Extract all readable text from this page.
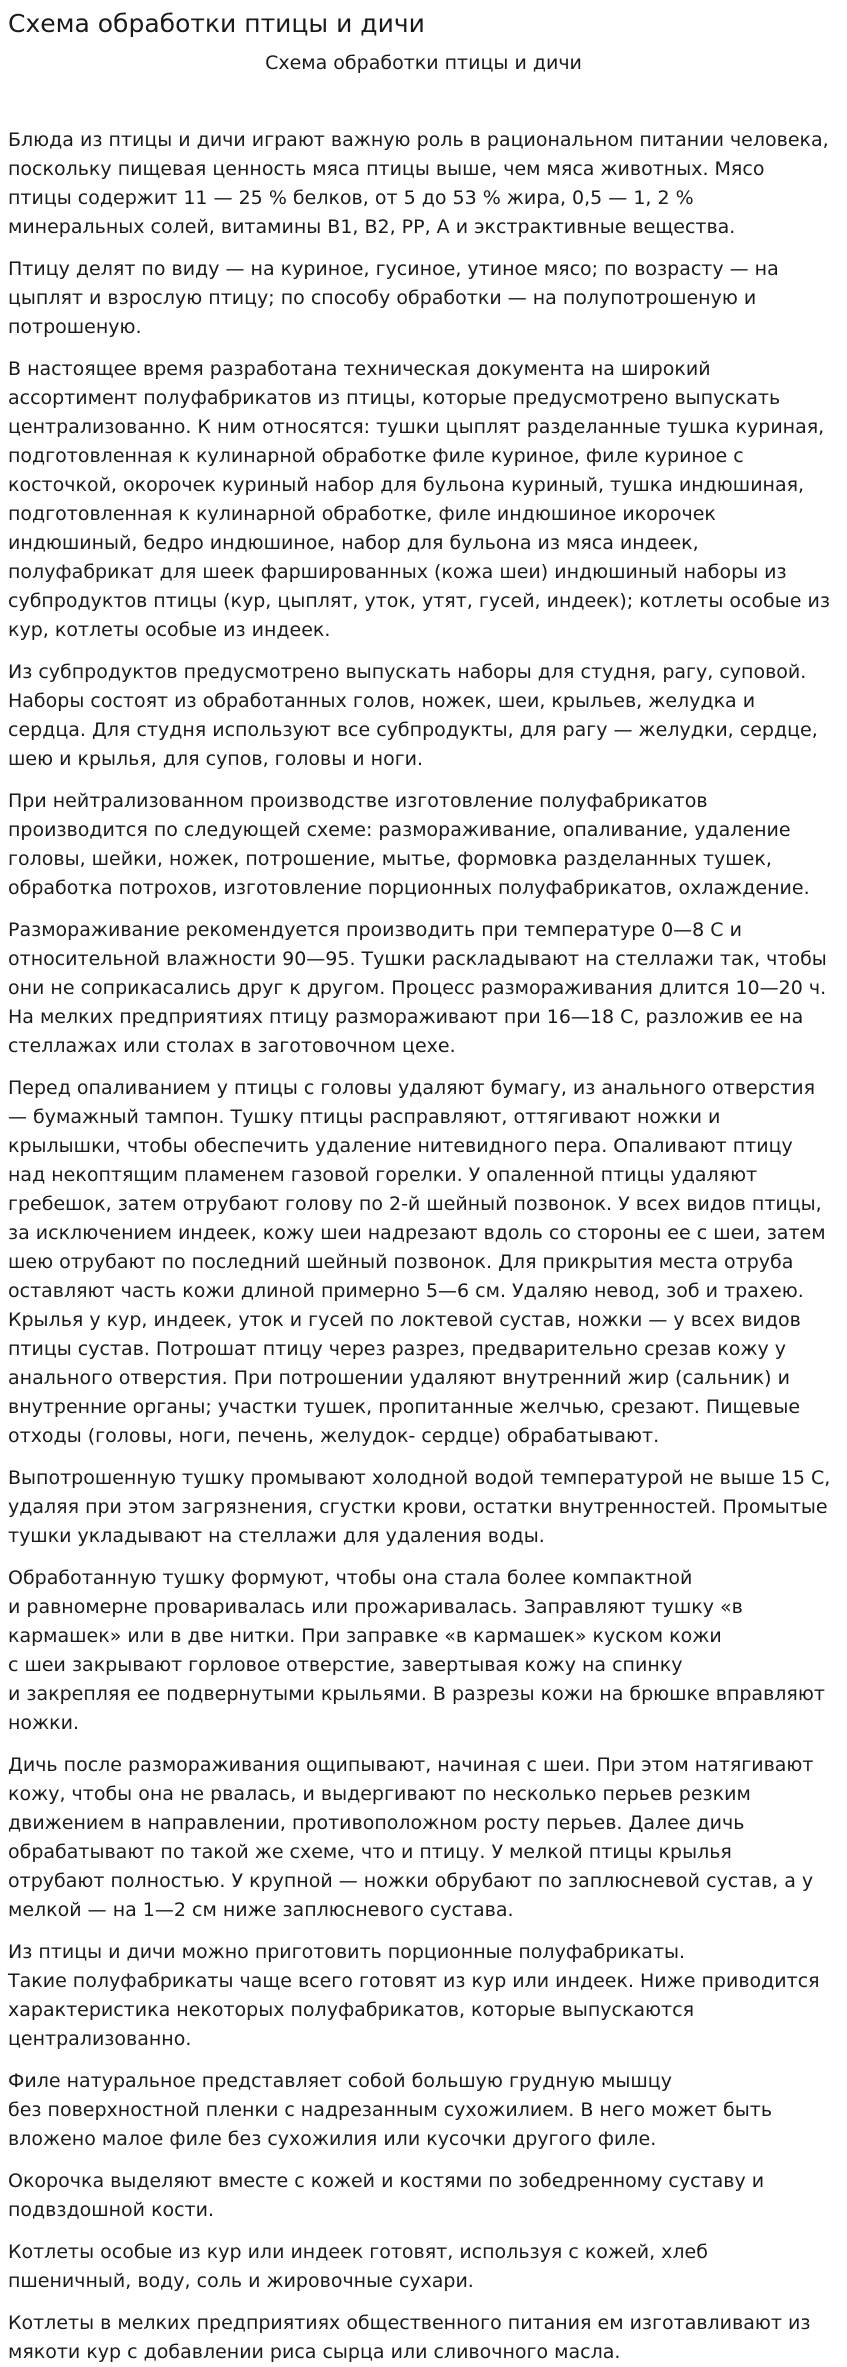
Схема обработки птицы и дичи
Схема обработки птицы и дичи

Блюда из птицы и дичи играют важную роль в рациональном питании человека, поскольку пищевая ценность мяса птицы выше, чем мяса животных. Мясо птицы содержит 11 — 25 % белков, от 5 до 53 % жира, 0,5 — 1, 2 % минеральных солей, витамины В1, В2, РР, А и экстрактивные вещества.

Птицу делят по виду — на куриное, гусиное, утиное мясо; по возрасту — на цыплят и взрослую птицу; по способу обработки — на полупотрошеную и потрошеную.

В настоящее время разработана техническая документа на широкий ассортимент полуфабрикатов из птицы, которые предусмотрено выпускать централизованно. К ним относятся: тушки цыплят разделанные тушка куриная, подготовленная к кулинарной обработке филе куриное, филе куриное с косточкой, окорочек куриный набор для бульона куриный, тушка индюшиная, подготовленная к кулинарной обработке, филе индюшиное икорочек индюшиный, бедро индюшиное, набор для бульона из мяса индеек, полуфабрикат для шеек фаршированных (кожа шеи) индюшиный наборы из субпродуктов птицы (кур, цыплят, уток, утят, гусей, индеек); котлеты особые из кур, котлеты особые из индеек.

Из субпродуктов предусмотрено выпускать наборы для студня, рагу, суповой. Наборы состоят из обработанных голов, ножек, шеи, крыльев, желудка и сердца. Для студня используют все субпродукты, для рагу — желудки, сердце, шею и крылья, для супов, головы и ноги.

При нейтрализованном производстве изготовление полуфабрикатов производится по следующей схеме: размораживание, опаливание, удаление головы, шейки, ножек, потрошение, мытье, формовка разделанных тушек, обработка потрохов, изготовление порционных полуфабрикатов, охлаждение.

Размораживание рекомендуется производить при температуре 0—8 С и относительной влажности 90—95. Тушки раскладывают на стеллажи так, чтобы они не соприкасались друг к другом. Процесс размораживания длится 10—20 ч. На мелких предприятиях птицу размораживают при 16—18 С, разложив ее на стеллажах или столах в заготовочном цехе.

Перед опаливанием у птицы с головы удаляют бумагу, из анального отверстия — бумажный тампон. Тушку птицы расправляют, оттягивают ножки и крылышки, чтобы обеспечить удаление нитевидного пера. Опаливают птицу над некоптящим пламенем газовой горелки. У опаленной птицы удаляют гребешок, затем отрубают голову по 2-й шейный позвонок. У всех видов птицы, за исключением индеек, кожу шеи надрезают вдоль со стороны ее с шеи, затем шею отрубают по последний шейный позвонок. Для прикрытия места отруба оставляют часть кожи длиной примерно 5—6 см. Удаляю невод, зоб и трахею. Крылья у кур, индеек, уток и гусей по локтевой сустав, ножки — у всех видов птицы сустав. Потрошат птицу через разрез, предварительно срезав кожу у анального отверстия. При потрошении удаляют внутренний жир (сальник) и внутренние органы; участки тушек, пропитанные желчью, срезают. Пищевые отходы (головы, ноги, печень, желудок- сердце) обрабатывают.

Выпотрошенную тушку промывают холодной водой температурой не выше 15 С, удаляя при этом загрязнения, сгустки крови, остатки внутренностей. Промытые тушки укладывают на стеллажи для удаления воды.

Обработанную тушку формуют, чтобы она стала более компактной
и равномерне проваривалась или прожаривалась. Заправляют тушку «в кармашек» или в две нитки. При заправке «в кармашек» куском кожи
с шеи закрывают горловое отверстие, завертывая кожу на спинку
и закрепляя ее подвернутыми крыльями. В разрезы кожи на брюшке вправляют ножки.

Дичь после размораживания ощипывают, начиная с шеи. При этом натягивают кожу, чтобы она не рвалась, и выдергивают по несколько перьев резким движением в направлении, противоположном росту перьев. Далее дичь обрабатывают по такой же схеме, что и птицу. У мелкой птицы крылья отрубают полностью. У крупной — ножки обрубают по заплюсневой сустав, а у мелкой — на 1—2 см ниже заплюсневого сустава.

Из птицы и дичи можно приготовить порционные полуфабрикаты.
Такие полуфабрикаты чаще всего готовят из кур или индеек. Ниже приводится характеристика некоторых полуфабрикатов, которые выпускаются централизованно.

Филе натуральное представляет собой большую грудную мышцу
без поверхностной пленки с надрезанным сухожилием. В него может быть вложено малое филе без сухожилия или кусочки другого филе.

Окорочка выделяют вместе с кожей и костями по зобедренному суставу и подвздошной кости.

Котлеты особые из кур или индеек готовят, используя с кожей, хлеб пшеничный, воду, соль и жировочные сухари.

Котлеты в мелких предприятиях общественного питания ем изготавливают из мякоти кур с добавлении риса сырца или сливочного масла.
